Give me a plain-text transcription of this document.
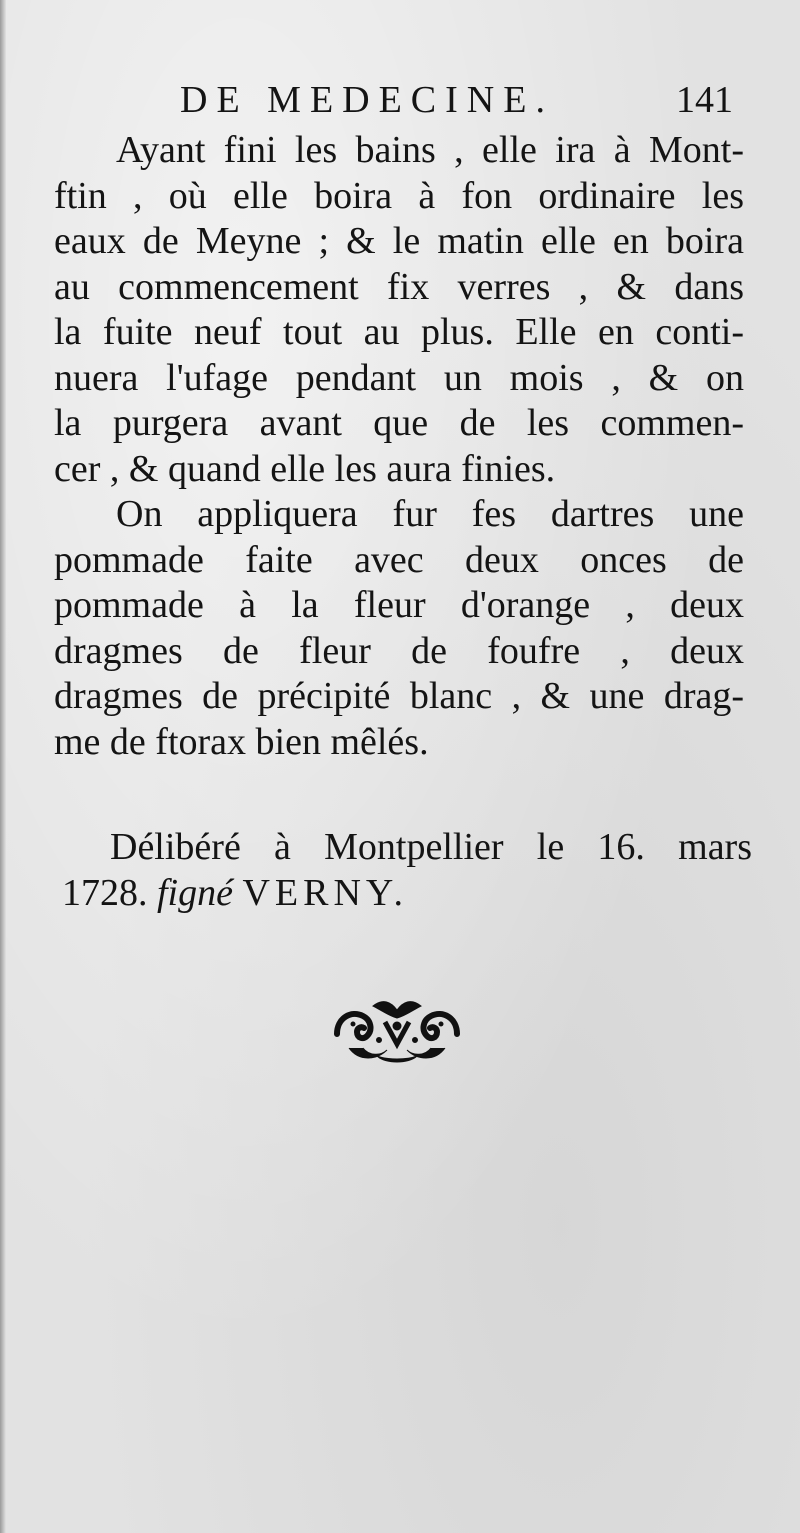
DE MEDECINE.	141
Ayant fini les bains , elle ira à Mont-
ftin , où elle boira à fon ordinaire les
eaux de Meyne ; & le matin elle en boira
au commencement fix verres , & dans
la fuite neuf tout au plus. Elle en conti-
nuera l'ufage pendant un mois , & on
la purgera avant que de les commen-
cer , & quand elle les aura finies.
On appliquera fur fes dartres une
pommade faite avec deux onces de
pommade à la fleur d'orange , deux
dragmes de fleur de foufre , deux
dragmes de précipité blanc , & une drag-
me de ftorax bien mêlés.
Délibéré à Montpellier le 16. mars
1728. figné VERNY.
